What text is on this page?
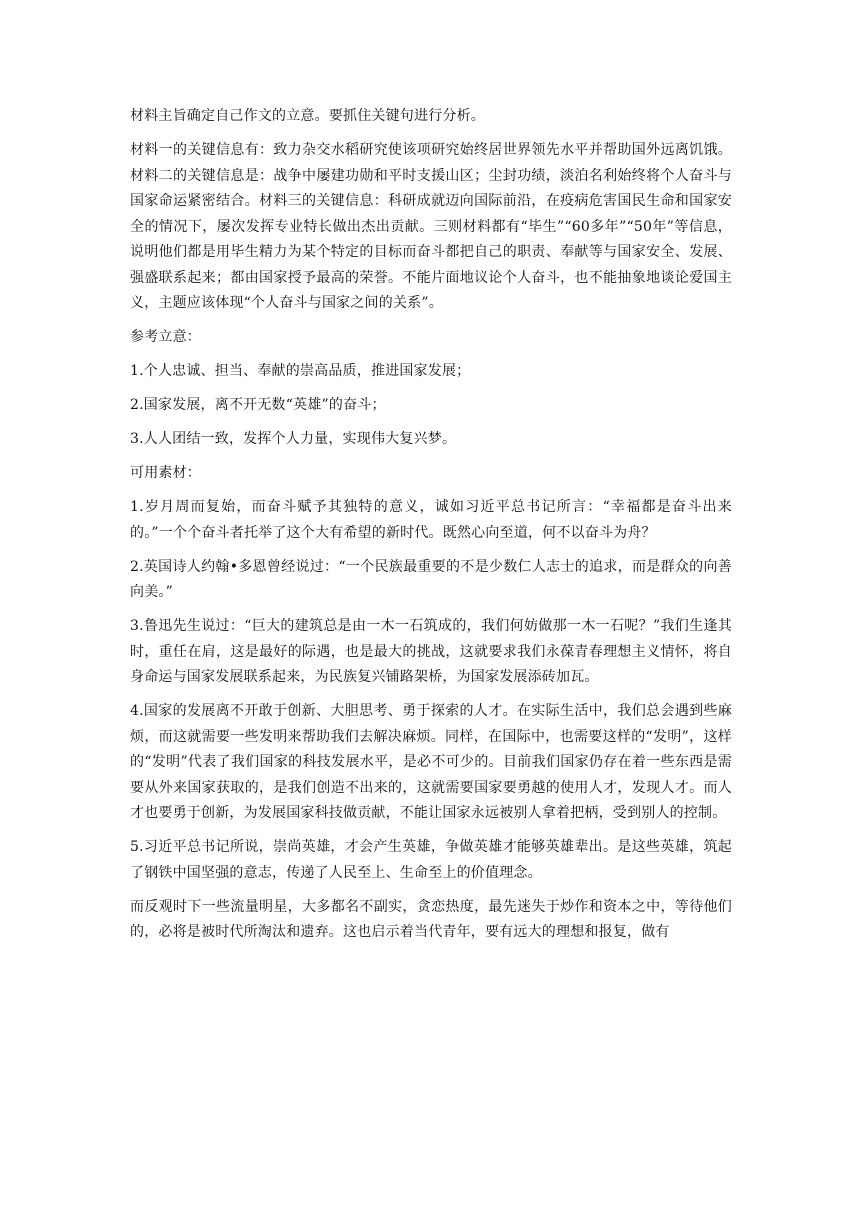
材料主旨确定自己作文的立意。要抓住关键句进行分析。

材料一的关键信息有：致力杂交水稻研究使该项研究始终居世界领先水平并帮助国外远离饥饿。材料二的关键信息是：战争中屡建功勋和平时支援山区；尘封功绩，淡泊名利始终将个人奋斗与国家命运紧密结合。材料三的关键信息：科研成就迈向国际前沿，在疫病危害国民生命和国家安全的情况下，屡次发挥专业特长做出杰出贡献。三则材料都有“毕生”“60多年”“50年”等信息，说明他们都是用毕生精力为某个特定的目标而奋斗都把自己的职责、奉献等与国家安全、发展、强盛联系起来；都由国家授予最高的荣誉。不能片面地议论个人奋斗，也不能抽象地谈论爱国主义，主题应该体现“个人奋斗与国家之间的关系”。

参考立意：

1.个人忠诚、担当、奉献的崇高品质，推进国家发展；

2.国家发展，离不开无数“英雄”的奋斗；

3.人人团结一致，发挥个人力量，实现伟大复兴梦。

可用素材：

1.岁月周而复始，而奋斗赋予其独特的意义，诚如习近平总书记所言：“幸福都是奋斗出来的。”一个个奋斗者托举了这个大有希望的新时代。既然心向至道，何不以奋斗为舟？

2.英国诗人约翰•多恩曾经说过：“一个民族最重要的不是少数仁人志士的追求，而是群众的向善向美。”

3.鲁迅先生说过：“巨大的建筑总是由一木一石筑成的，我们何妨做那一木一石呢？”我们生逢其时，重任在肩，这是最好的际遇，也是最大的挑战，这就要求我们永葆青春理想主义情怀，将自身命运与国家发展联系起来，为民族复兴铺路架桥，为国家发展添砖加瓦。

4.国家的发展离不开敢于创新、大胆思考、勇于探索的人才。在实际生活中，我们总会遇到些麻烦，而这就需要一些发明来帮助我们去解决麻烦。同样，在国际中，也需要这样的“发明”，这样的“发明”代表了我们国家的科技发展水平，是必不可少的。目前我们国家仍存在着一些东西是需要从外来国家获取的，是我们创造不出来的，这就需要国家要勇越的使用人才，发现人才。而人才也要勇于创新，为发展国家科技做贡献，不能让国家永远被别人拿着把柄，受到别人的控制。

5.习近平总书记所说，崇尚英雄，才会产生英雄，争做英雄才能够英雄辈出。是这些英雄，筑起了钢铁中国坚强的意志，传递了人民至上、生命至上的价值理念。

而反观时下一些流量明星，大多都名不副实，贪恋热度，最先迷失于炒作和资本之中，等待他们的，必将是被时代所淘汰和遗弃。这也启示着当代青年，要有远大的理想和报复，做有
